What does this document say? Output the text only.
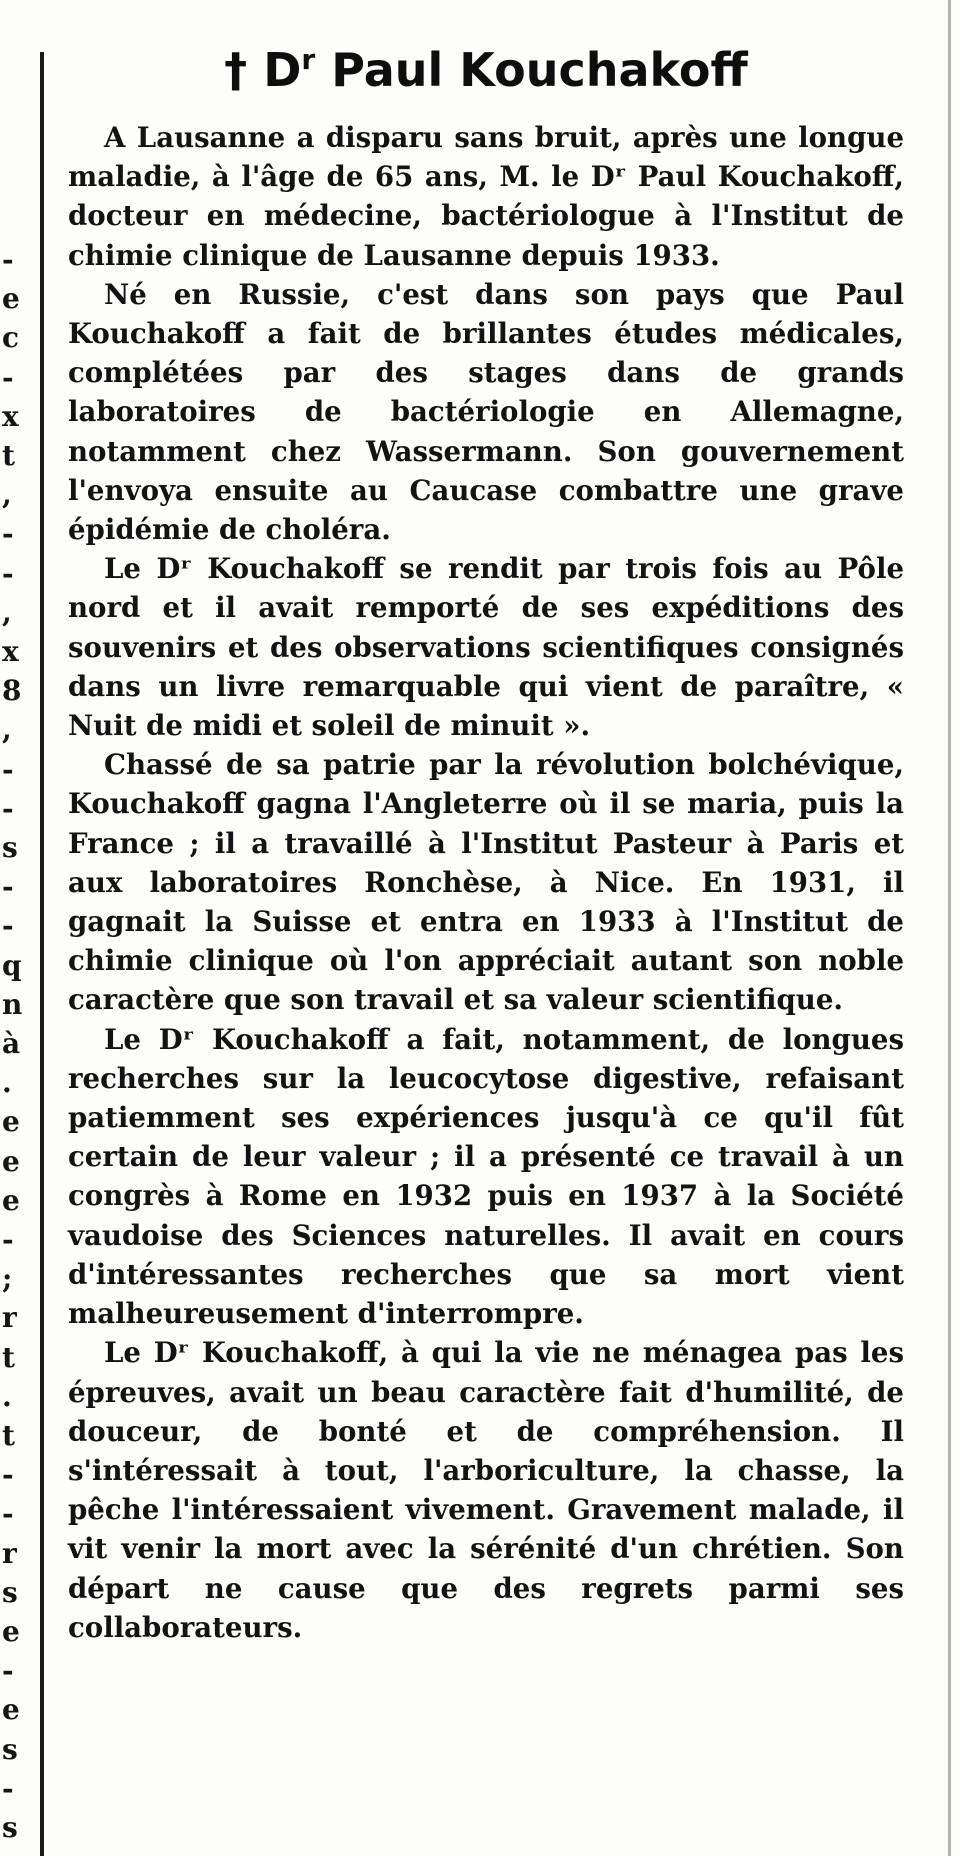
-
e
c
-
x
t
,
-
-
,
x
8
,
-
-
s
-
-
q
n
à
.
e
e
e
-
;
r
t
.
t
-
-
r
s
e
-
e
s
-
s
† $D^r$ Paul Kouchakoff

A Lausanne a disparu sans bruit, après une longue maladie, à l'âge de 65 ans, M. le Dʳ Paul Kouchakoff, docteur en médecine, bactériologue à l'Institut de chimie clinique de Lausanne depuis 1933.

Né en Russie, c'est dans son pays que Paul Kouchakoff a fait de brillantes études médicales, complétées par des stages dans de grands laboratoires de bactériologie en Allemagne, notamment chez Wassermann. Son gouvernement l'envoya ensuite au Caucase combattre une grave épidémie de choléra.

Le Dʳ Kouchakoff se rendit par trois fois au Pôle nord et il avait remporté de ses expéditions des souvenirs et des observations scientifiques consignés dans un livre remarquable qui vient de paraître, « Nuit de midi et soleil de minuit ».

Chassé de sa patrie par la révolution bolchévique, Kouchakoff gagna l'Angleterre où il se maria, puis la France ; il a travaillé à l'Institut Pasteur à Paris et aux laboratoires Ronchèse, à Nice. En 1931, il gagnait la Suisse et entra en 1933 à l'Institut de chimie clinique où l'on appréciait autant son noble caractère que son travail et sa valeur scientifique.

Le Dʳ Kouchakoff a fait, notamment, de longues recherches sur la leucocytose digestive, refaisant patiemment ses expériences jusqu'à ce qu'il fût certain de leur valeur ; il a présenté ce travail à un congrès à Rome en 1932 puis en 1937 à la Société vaudoise des Sciences naturelles. Il avait en cours d'intéressantes recherches que sa mort vient malheureusement d'interrompre.

Le Dʳ Kouchakoff, à qui la vie ne ménagea pas les épreuves, avait un beau caractère fait d'humilité, de douceur, de bonté et de compréhension. Il s'intéressait à tout, l'arboriculture, la chasse, la pêche l'intéressaient vivement. Gravement malade, il vit venir la mort avec la sérénité d'un chrétien. Son départ ne cause que des regrets parmi ses collaborateurs.
